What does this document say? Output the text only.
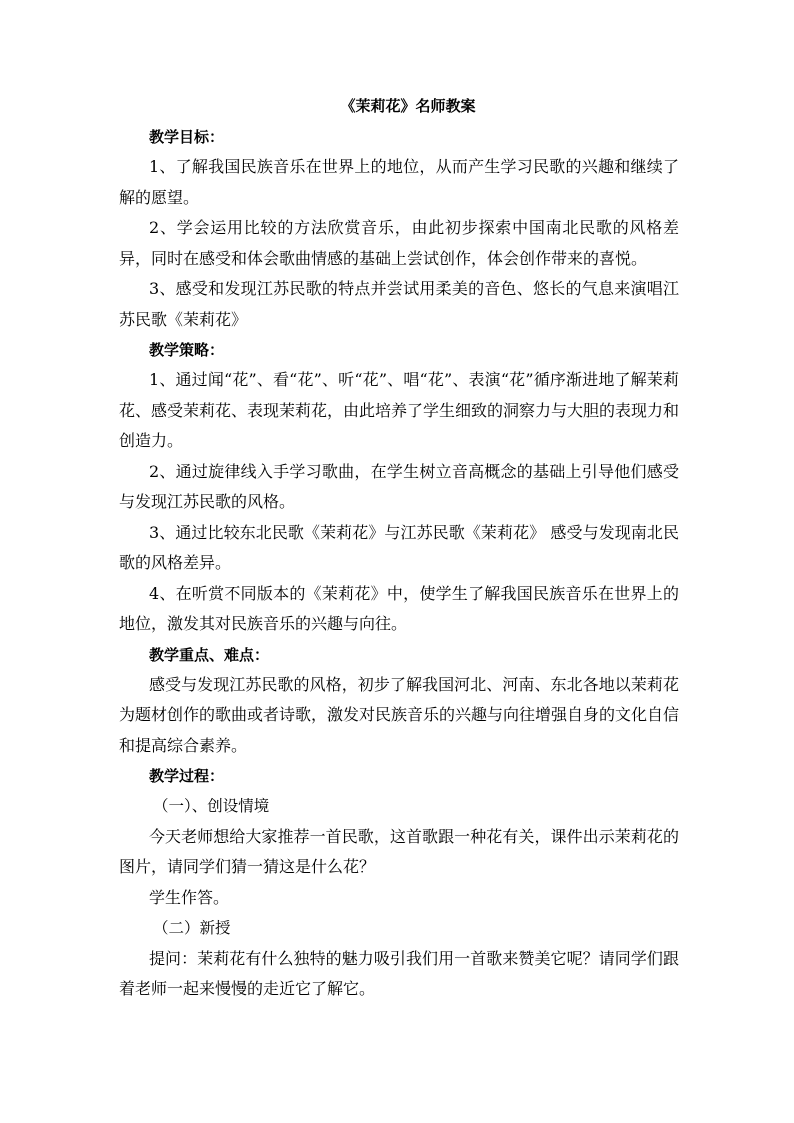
《茉莉花》名师教案

教学目标：

1、了解我国民族音乐在世界上的地位，从而产生学习民歌的兴趣和继续了解的愿望。

2、学会运用比较的方法欣赏音乐，由此初步探索中国南北民歌的风格差异，同时在感受和体会歌曲情感的基础上尝试创作，体会创作带来的喜悦。

3、感受和发现江苏民歌的特点并尝试用柔美的音色、悠长的气息来演唱江苏民歌《茉莉花》

教学策略：

1、通过闻“花”、看“花”、听“花”、唱“花”、表演“花”循序渐进地了解茉莉花、感受茉莉花、表现茉莉花，由此培养了学生细致的洞察力与大胆的表现力和创造力。

2、通过旋律线入手学习歌曲，在学生树立音高概念的基础上引导他们感受与发现江苏民歌的风格。

3、通过比较东北民歌《茉莉花》与江苏民歌《茉莉花》 感受与发现南北民歌的风格差异。

4、在听赏不同版本的《茉莉花》中，使学生了解我国民族音乐在世界上的地位，激发其对民族音乐的兴趣与向往。

教学重点、难点：

感受与发现江苏民歌的风格，初步了解我国河北、河南、东北各地以茉莉花为题材创作的歌曲或者诗歌，激发对民族音乐的兴趣与向往增强自身的文化自信和提高综合素养。

教学过程：

（一）、创设情境

今天老师想给大家推荐一首民歌，这首歌跟一种花有关，课件出示茉莉花的图片，请同学们猜一猜这是什么花？

学生作答。

（二）新授

提问：茉莉花有什么独特的魅力吸引我们用一首歌来赞美它呢？请同学们跟着老师一起来慢慢的走近它了解它。
